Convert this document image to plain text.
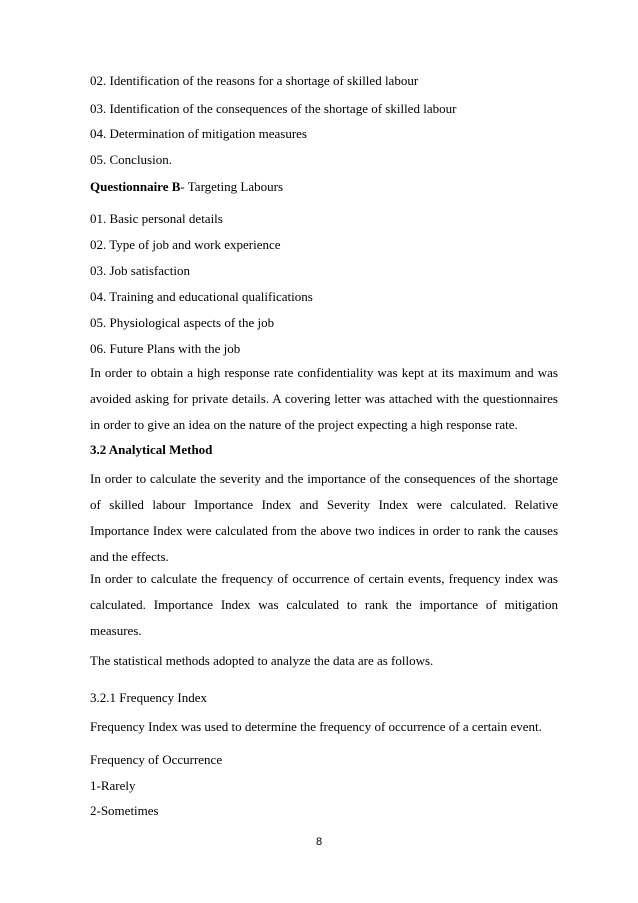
02. Identification of the reasons for a shortage of skilled labour
03. Identification of the consequences of the shortage of skilled labour
04. Determination of mitigation measures
05. Conclusion.
Questionnaire B- Targeting Labours
01. Basic personal details
02. Type of job and work experience
03. Job satisfaction
04. Training and educational qualifications
05. Physiological aspects of the job
06. Future Plans with the job
In order to obtain a high response rate confidentiality was kept at its maximum and was avoided asking for private details. A covering letter was attached with the questionnaires in order to give an idea on the nature of the project expecting a high response rate.
3.2 Analytical Method
In order to calculate the severity and the importance of the consequences of the shortage of skilled labour Importance Index and Severity Index were calculated. Relative Importance Index were calculated from the above two indices in order to rank the causes and the effects.
In order to calculate the frequency of occurrence of certain events, frequency index was calculated. Importance Index was calculated to rank the importance of mitigation measures.
The statistical methods adopted to analyze the data are as follows.
3.2.1 Frequency Index
Frequency Index was used to determine the frequency of occurrence of a certain event.
Frequency of Occurrence
1-Rarely
2-Sometimes
8
